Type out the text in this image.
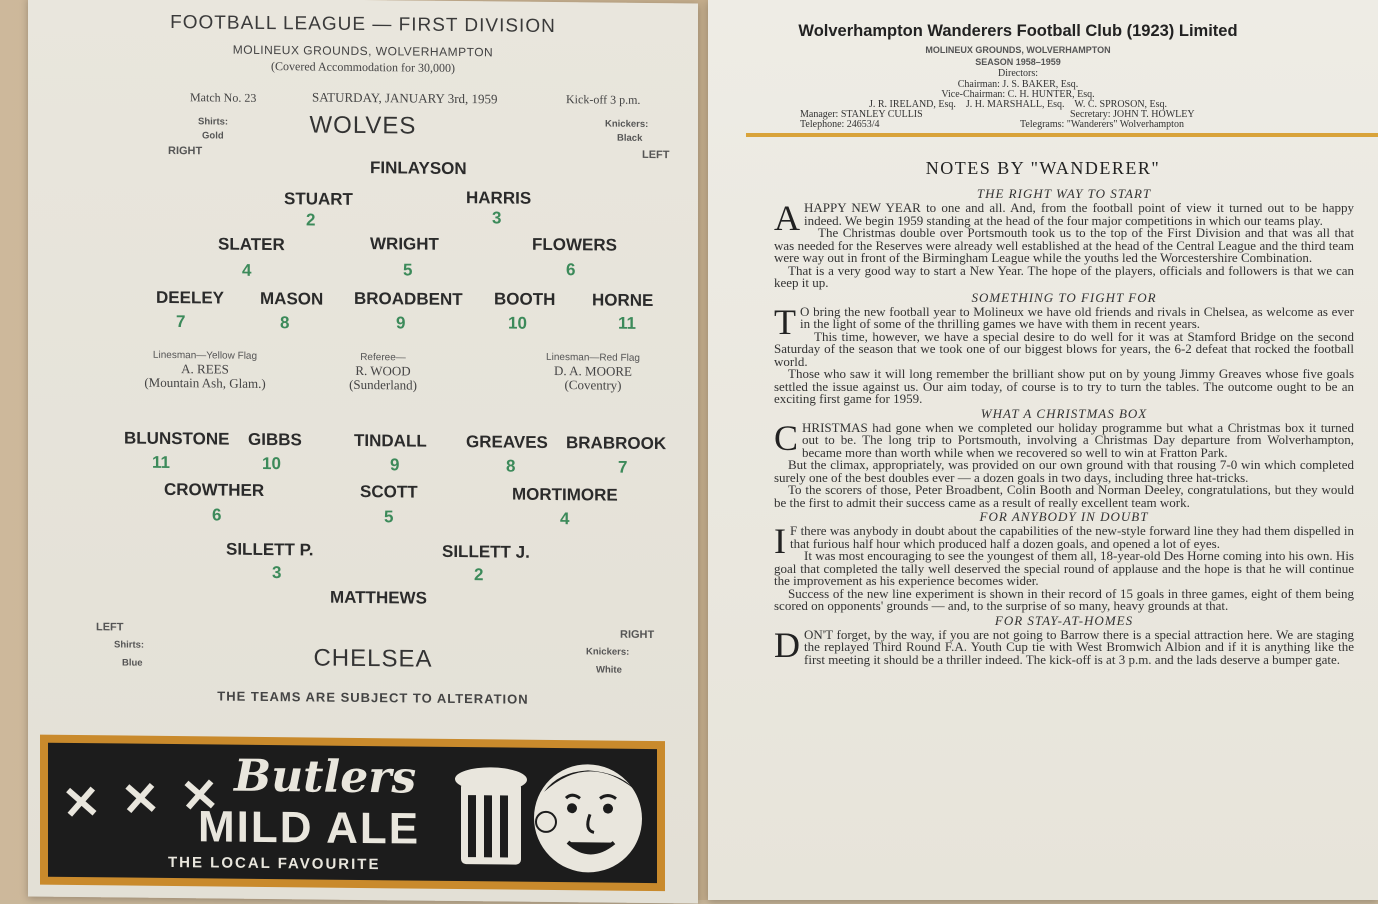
FOOTBALL LEAGUE — FIRST DIVISION
MOLINEUX GROUNDS, WOLVERHAMPTON
(Covered Accommodation for 30,000)
Match No. 23	SATURDAY, JANUARY 3rd, 1959	Kick-off 3 p.m.
Shirts:
Gold
RIGHT
WOLVES	Knickers:
Black
LEFT
FINLAYSON
STUART
2
HARRIS
3
SLATER
4
WRIGHT
5
FLOWERS
6
DEELEY
7
MASON
8
BROADBENT
9
BOOTH
10
HORNE
11
Linesman—Yellow Flag
A. REES
(Mountain Ash, Glam.)
Referee—
R. WOOD
(Sunderland)
Linesman—Red Flag
D. A. MOORE
(Coventry)
BLUNSTONE
11
GIBBS
10
TINDALL
9
GREAVES
8
BRABROOK
7
CROWTHER
6
SCOTT
5
MORTIMORE
4
SILLETT P.
3
SILLETT J.
2
MATTHEWS
LEFT
Shirts:
Blue	CHELSEA
RIGHT
Knickers:
White
THE TEAMS ARE SUBJECT TO ALTERATION
✕ ✕ ✕ Butlers
MILD ALE
THE LOCAL FAVOURITE
Wolverhampton Wanderers Football Club (1923) Limited
MOLINEUX GROUNDS, WOLVERHAMPTON
SEASON 1958–1959
Directors:
Chairman: J. S. BAKER, Esq.
Vice-Chairman: C. H. HUNTER, Esq.
J. R. IRELAND, Esq.    J. H. MARSHALL, Esq.    W. C. SPROSON, Esq.
Manager: STANLEY CULLIS	Secretary: JOHN T. HOWLEY
Telephone: 24653/4	Telegrams: "Wanderers" Wolverhampton
NOTES BY "WANDERER"
THE RIGHT WAY TO START
A HAPPY NEW YEAR to one and all. And, from the football point of view it turned out to be happy indeed. We begin 1959 standing at the head of the four major competitions in which our teams play.

The Christmas double over Portsmouth took us to the top of the First Division and that was all that was needed for the Reserves were already well established at the head of the Central League and the third team were way out in front of the Birmingham League while the youths led the Worcestershire Combination.

That is a very good way to start a New Year. The hope of the players, officials and followers is that we can keep it up.

SOMETHING TO FIGHT FOR
T O bring the new football year to Molineux we have old friends and rivals in Chelsea, as welcome as ever in the light of some of the thrilling games we have with them in recent years.

This time, however, we have a special desire to do well for it was at Stamford Bridge on the second Saturday of the season that we took one of our biggest blows for years, the 6-2 defeat that rocked the football world.

Those who saw it will long remember the brilliant show put on by young Jimmy Greaves whose five goals settled the issue against us. Our aim today, of course is to try to turn the tables. The outcome ought to be an exciting first game for 1959.

WHAT A CHRISTMAS BOX
C HRISTMAS had gone when we completed our holiday programme but what a Christmas box it turned out to be. The long trip to Portsmouth, involving a Christmas Day departure from Wolverhampton, became more than worth while when we recovered so well to win at Fratton Park.

But the climax, appropriately, was provided on our own ground with that rousing 7-0 win which completed surely one of the best doubles ever — a dozen goals in two days, including three hat-tricks.

To the scorers of those, Peter Broadbent, Colin Booth and Norman Deeley, congratulations, but they would be the first to admit their success came as a result of really excellent team work.

FOR ANYBODY IN DOUBT
I F there was anybody in doubt about the capabilities of the new-style forward line they had them dispelled in that furious half hour which produced half a dozen goals, and opened a lot of eyes.

It was most encouraging to see the youngest of them all, 18-year-old Des Horne coming into his own. His goal that completed the tally well deserved the special round of applause and the hope is that he will continue the improvement as his experience becomes wider.

Success of the new line experiment is shown in their record of 15 goals in three games, eight of them being scored on opponents' grounds — and, to the surprise of so many, heavy grounds at that.

FOR STAY-AT-HOMES
D ON'T forget, by the way, if you are not going to Barrow there is a special attraction here. We are staging the replayed Third Round F.A. Youth Cup tie with West Bromwich Albion and if it is anything like the first meeting it should be a thriller indeed. The kick-off is at 3 p.m. and the lads deserve a bumper gate.
